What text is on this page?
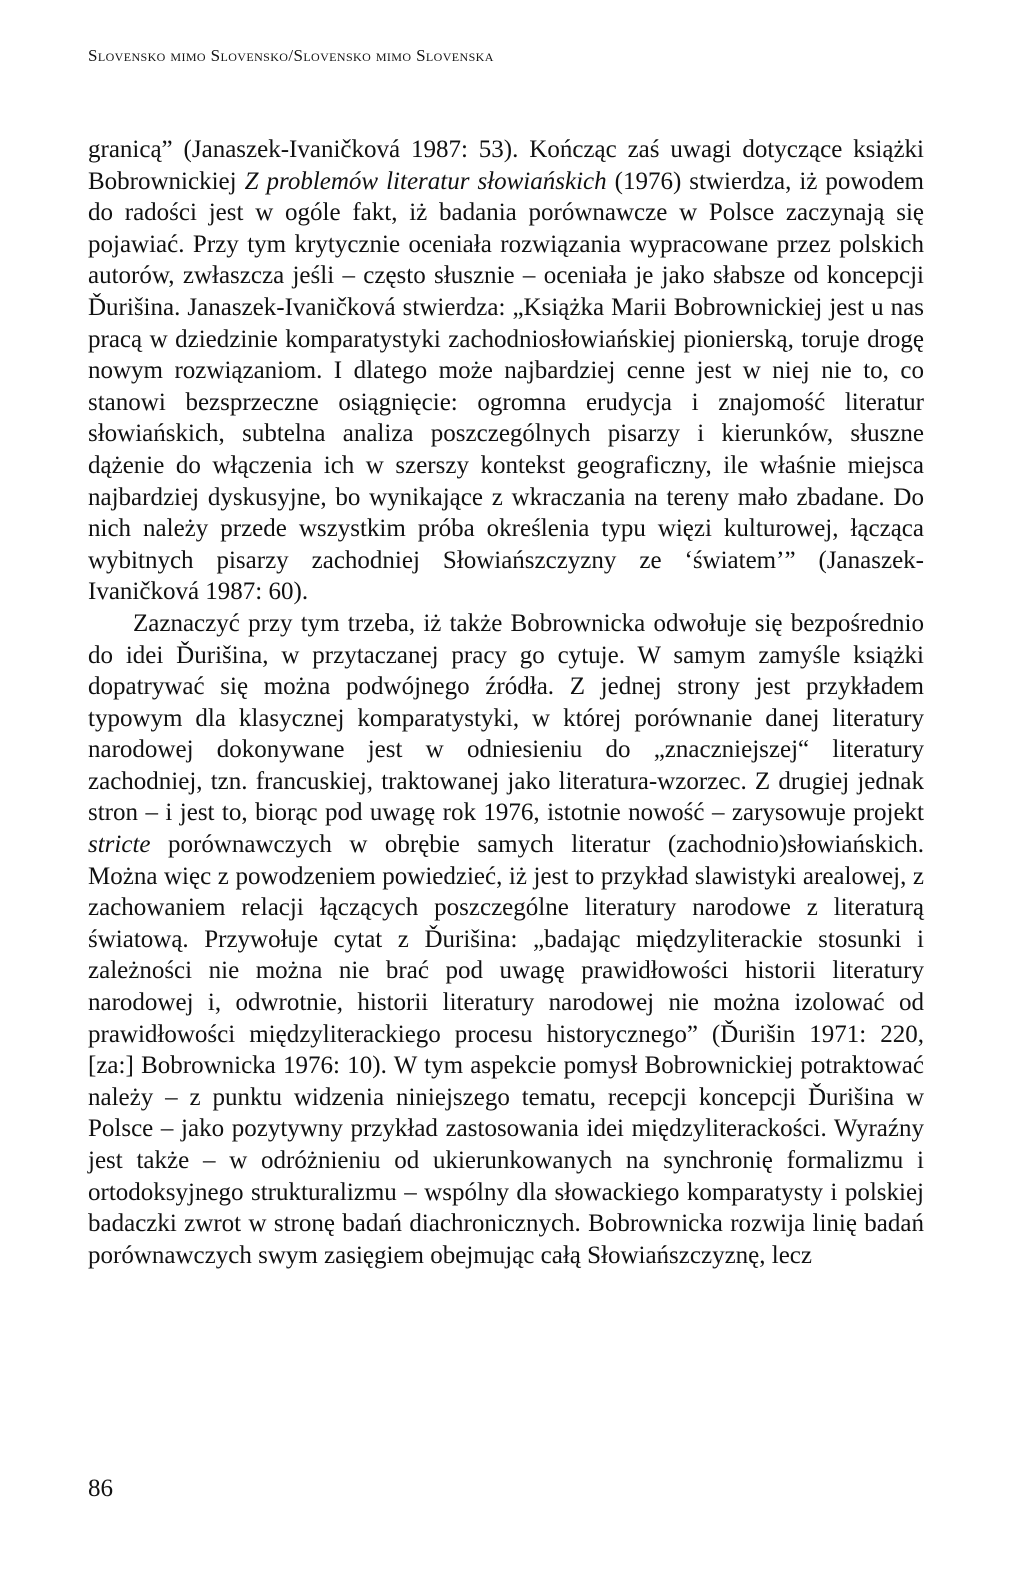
Slovensko mimo Slovensko/Slovensko mimo Slovenska

granicą” (Janaszek-Ivaničková 1987: 53). Kończąc zaś uwagi dotyczące książki Bobrownickiej Z problemów literatur słowiańskich (1976) stwierdza, iż powodem do radości jest w ogóle fakt, iż badania porównawcze w Polsce zaczynają się pojawiać. Przy tym krytycznie oceniała rozwiązania wypracowane przez polskich autorów, zwłaszcza jeśli – często słusznie – oceniała je jako słabsze od koncepcji Ďurišina. Janaszek-Ivaničková stwierdza: „Książka Marii Bobrownickiej jest u nas pracą w dziedzinie komparatystyki zachodniosłowiańskiej pionierską, toruje drogę nowym rozwiązaniom. I dlatego może najbardziej cenne jest w niej nie to, co stanowi bezsprzeczne osiągnięcie: ogromna erudycja i znajomość literatur słowiańskich, subtelna analiza poszczególnych pisarzy i kierunków, słuszne dążenie do włączenia ich w szerszy kontekst geograficzny, ile właśnie miejsca najbardziej dyskusyjne, bo wynikające z wkraczania na tereny mało zbadane. Do nich należy przede wszystkim próba określenia typu więzi kulturowej, łącząca wybitnych pisarzy zachodniej Słowiańszczyzny ze ‘światem’” (Janaszek-Ivaničková 1987: 60).

Zaznaczyć przy tym trzeba, iż także Bobrownicka odwołuje się bezpośrednio do idei Ďurišina, w przytaczanej pracy go cytuje. W samym zamyśle książki dopatrywać się można podwójnego źródła. Z jednej strony jest przykładem typowym dla klasycznej komparatystyki, w której porównanie danej literatury narodowej dokonywane jest w odniesieniu do „znaczniejszej“ literatury zachodniej, tzn. francuskiej, traktowanej jako literatura-wzorzec. Z drugiej jednak stron – i jest to, biorąc pod uwagę rok 1976, istotnie nowość – zarysowuje projekt stricte porównawczych w obrębie samych literatur (zachodnio)słowiańskich. Można więc z powodzeniem powiedzieć, iż jest to przykład slawistyki arealowej, z zachowaniem relacji łączących poszczególne literatury narodowe z literaturą światową. Przywołuje cytat z Ďurišina: „badając międzyliterackie stosunki i zależności nie można nie brać pod uwagę prawidłowości historii literatury narodowej i, odwrotnie, historii literatury narodowej nie można izolować od prawidłowości międzyliterackiego procesu historycznego” (Ďurišin 1971: 220, [za:] Bobrownicka 1976: 10). W tym aspekcie pomysł Bobrownickiej potraktować należy – z punktu widzenia niniejszego tematu, recepcji koncepcji Ďurišina w Polsce – jako pozytywny przykład zastosowania idei międzyliterackości. Wyraźny jest także – w odróżnieniu od ukierunkowanych na synchronię formalizmu i ortodoksyjnego strukturalizmu – wspólny dla słowackiego komparatysty i polskiej badaczki zwrot w stronę badań diachronicznych. Bobrownicka rozwija linię badań porównawczych swym zasięgiem obejmując całą Słowiańszczyznę, lecz

86
